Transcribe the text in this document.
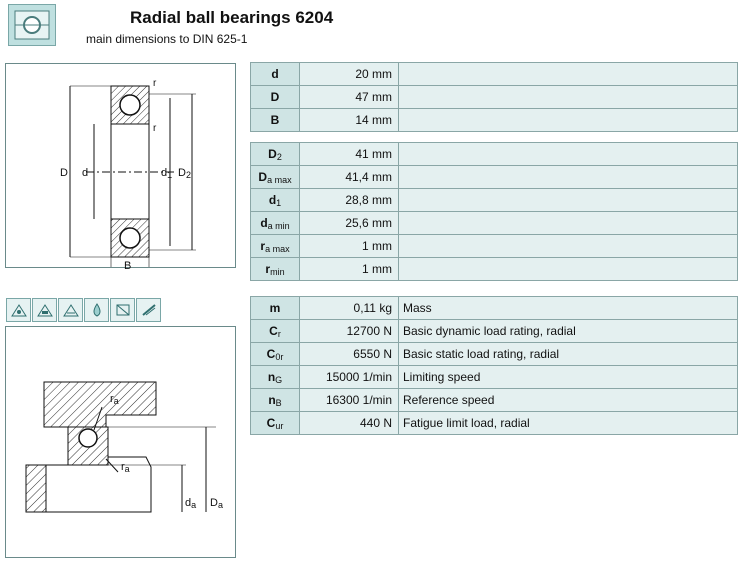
Radial ball bearings 6204
main dimensions to DIN 625-1
D d	$d_1$ $D_2$
B
r
r
$r_a$
$r_a$
$d_a$ $D_a$
d	20 mm	
D	47 mm	
B	14 mm	
$D_2$	41 mm	
$D_{a max}$	41,4 mm	
$d_1$	28,8 mm	
$d_{a min}$	25,6 mm	
$r_{a max}$	1 mm	
$r_{min}$	1 mm	
m	0,11 kg	Mass
$C_r$	12700 N	Basic dynamic load rating, radial
$C_{0r}$	6550 N	Basic static load rating, radial
$n_G$	15000 1/min	Limiting speed
$n_B$	16300 1/min	Reference speed
$C_{ur}$	440 N	Fatigue limit load, radial
